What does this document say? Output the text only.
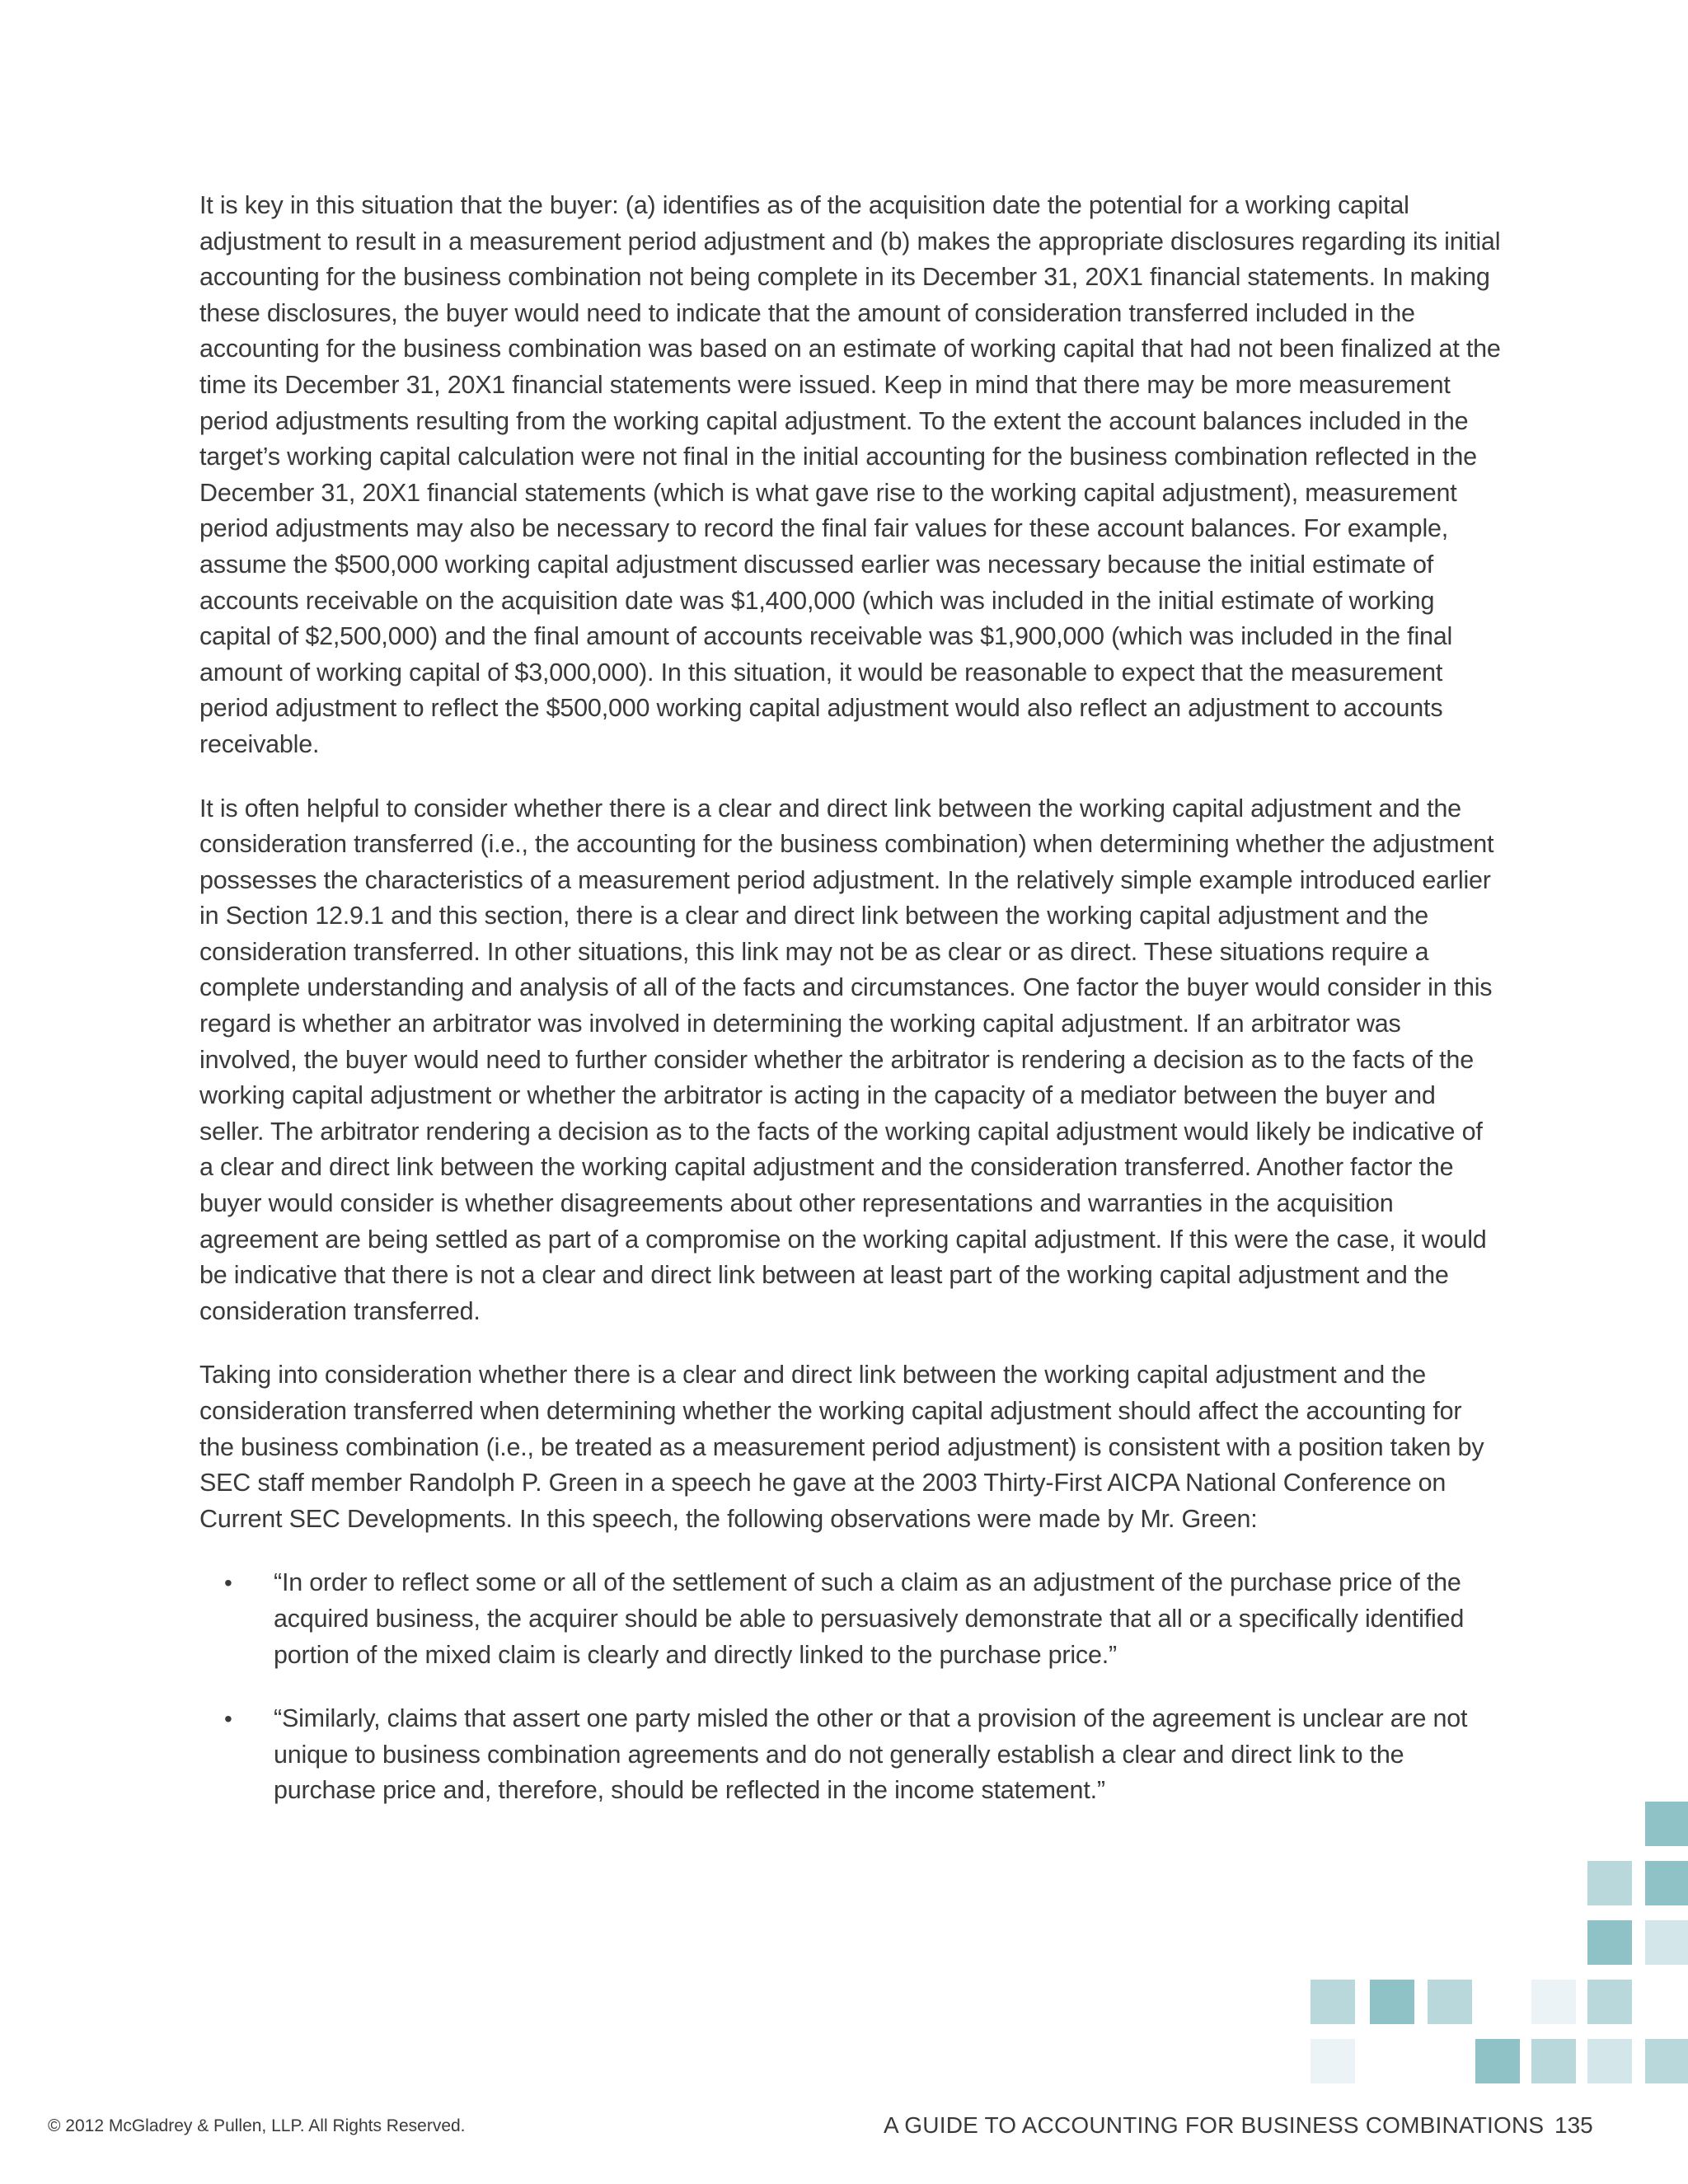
It is key in this situation that the buyer: (a) identifies as of the acquisition date the potential for a working capital adjustment to result in a measurement period adjustment and (b) makes the appropriate disclosures regarding its initial accounting for the business combination not being complete in its December 31, 20X1 financial statements. In making these disclosures, the buyer would need to indicate that the amount of consideration transferred included in the accounting for the business combination was based on an estimate of working capital that had not been finalized at the time its December 31, 20X1 financial statements were issued. Keep in mind that there may be more measurement period adjustments resulting from the working capital adjustment. To the extent the account balances included in the target’s working capital calculation were not final in the initial accounting for the business combination reflected in the December 31, 20X1 financial statements (which is what gave rise to the working capital adjustment), measurement period adjustments may also be necessary to record the final fair values for these account balances. For example, assume the $500,000 working capital adjustment discussed earlier was necessary because the initial estimate of accounts receivable on the acquisition date was $1,400,000 (which was included in the initial estimate of working capital of $2,500,000) and the final amount of accounts receivable was $1,900,000 (which was included in the final amount of working capital of $3,000,000). In this situation, it would be reasonable to expect that the measurement period adjustment to reflect the $500,000 working capital adjustment would also reflect an adjustment to accounts receivable.

It is often helpful to consider whether there is a clear and direct link between the working capital adjustment and the consideration transferred (i.e., the accounting for the business combination) when determining whether the adjustment possesses the characteristics of a measurement period adjustment. In the relatively simple example introduced earlier in Section 12.9.1 and this section, there is a clear and direct link between the working capital adjustment and the consideration transferred. In other situations, this link may not be as clear or as direct. These situations require a complete understanding and analysis of all of the facts and circumstances. One factor the buyer would consider in this regard is whether an arbitrator was involved in determining the working capital adjustment. If an arbitrator was involved, the buyer would need to further consider whether the arbitrator is rendering a decision as to the facts of the working capital adjustment or whether the arbitrator is acting in the capacity of a mediator between the buyer and seller. The arbitrator rendering a decision as to the facts of the working capital adjustment would likely be indicative of a clear and direct link between the working capital adjustment and the consideration transferred. Another factor the buyer would consider is whether disagreements about other representations and warranties in the acquisition agreement are being settled as part of a compromise on the working capital adjustment. If this were the case, it would be indicative that there is not a clear and direct link between at least part of the working capital adjustment and the consideration transferred.

Taking into consideration whether there is a clear and direct link between the working capital adjustment and the consideration transferred when determining whether the working capital adjustment should affect the accounting for the business combination (i.e., be treated as a measurement period adjustment) is consistent with a position taken by SEC staff member Randolph P. Green in a speech he gave at the 2003 Thirty-First AICPA National Conference on Current SEC Developments. In this speech, the following observations were made by Mr. Green:

• “In order to reflect some or all of the settlement of such a claim as an adjustment of the purchase price of the acquired business, the acquirer should be able to persuasively demonstrate that all or a specifically identified portion of the mixed claim is clearly and directly linked to the purchase price.”
• “Similarly, claims that assert one party misled the other or that a provision of the agreement is unclear are not unique to business combination agreements and do not generally establish a clear and direct link to the purchase price and, therefore, should be reflected in the income statement.”
© 2012 McGladrey & Pullen, LLP. All Rights Reserved.	A GUIDE TO ACCOUNTING FOR BUSINESS COMBINATIONS 135
